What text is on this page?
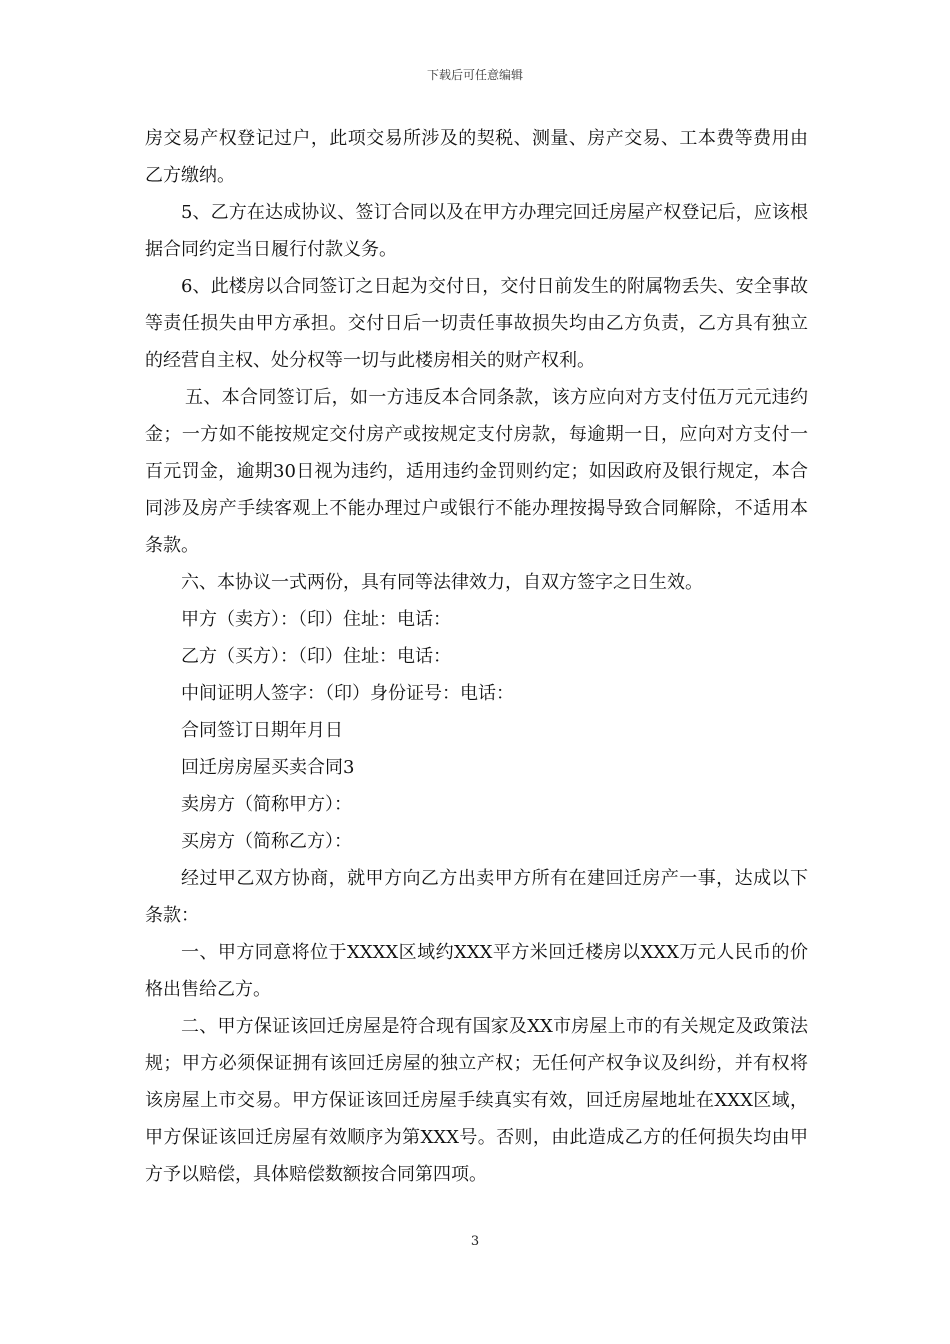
下载后可任意编辑

房交易产权登记过户，此项交易所涉及的契税、测量、房产交易、工本费等费用由乙方缴纳。

5、乙方在达成协议、签订合同以及在甲方办理完回迁房屋产权登记后，应该根据合同约定当日履行付款义务。

6、此楼房以合同签订之日起为交付日，交付日前发生的附属物丢失、安全事故等责任损失由甲方承担。交付日后一切责任事故损失均由乙方负责，乙方具有独立的经营自主权、处分权等一切与此楼房相关的财产权利。

五、本合同签订后，如一方违反本合同条款，该方应向对方支付伍万元元违约金；一方如不能按规定交付房产或按规定支付房款，每逾期一日，应向对方支付一百元罚金，逾期30日视为违约，适用违约金罚则约定；如因政府及银行规定，本合同涉及房产手续客观上不能办理过户或银行不能办理按揭导致合同解除，不适用本条款。

六、本协议一式两份，具有同等法律效力，自双方签字之日生效。

甲方（卖方）：（印）住址：电话：

乙方（买方）：（印）住址：电话：

中间证明人签字：（印）身份证号：电话：

合同签订日期年月日

回迁房房屋买卖合同3

卖房方（简称甲方）：

买房方（简称乙方）：

经过甲乙双方协商，就甲方向乙方出卖甲方所有在建回迁房产一事，达成以下条款：

一、甲方同意将位于XXXX区域约XXX平方米回迁楼房以XXX万元人民币的价格出售给乙方。

二、甲方保证该回迁房屋是符合现有国家及XX市房屋上市的有关规定及政策法规；甲方必须保证拥有该回迁房屋的独立产权；无任何产权争议及纠纷，并有权将该房屋上市交易。甲方保证该回迁房屋手续真实有效，回迁房屋地址在XXX区域，甲方保证该回迁房屋有效顺序为第XXX号。否则，由此造成乙方的任何损失均由甲方予以赔偿，具体赔偿数额按合同第四项。

3
